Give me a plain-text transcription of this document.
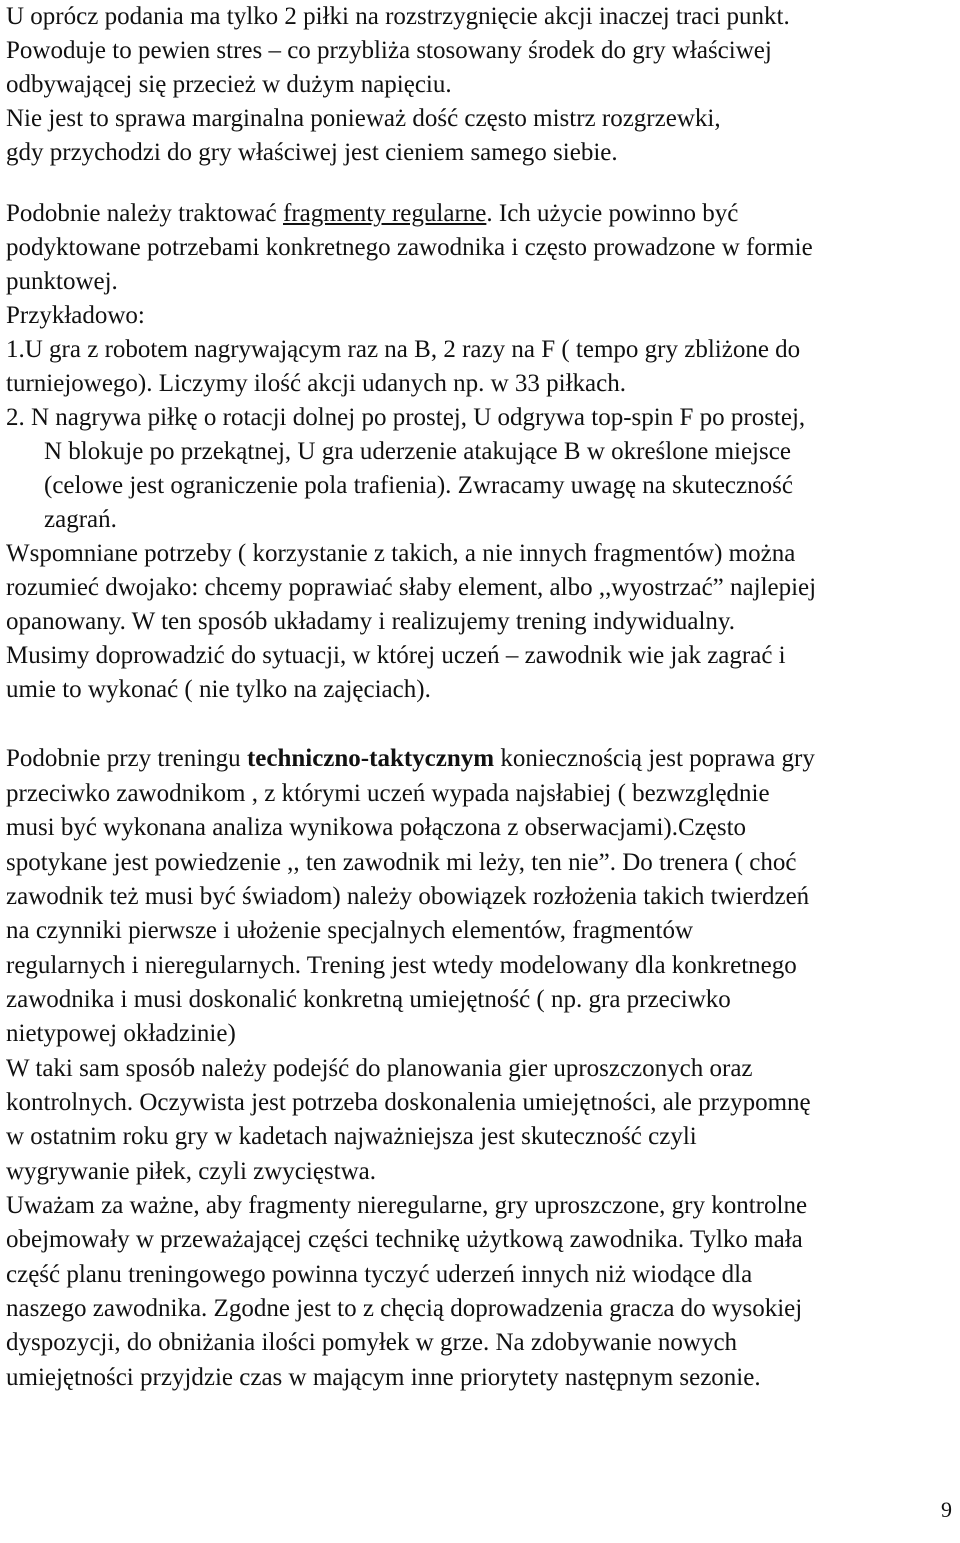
U oprócz podania ma tylko 2 piłki na rozstrzygnięcie akcji inaczej traci punkt.
Powoduje to pewien stres – co przybliża stosowany środek do gry właściwej
odbywającej się przecież w dużym napięciu.
Nie jest to sprawa marginalna ponieważ dość często mistrz rozgrzewki,
gdy przychodzi do gry właściwej jest cieniem samego siebie.
Podobnie należy traktować fragmenty regularne. Ich użycie powinno być
podyktowane potrzebami konkretnego zawodnika i często prowadzone w formie
punktowej.
Przykładowo:
1.U gra z robotem nagrywającym raz na B, 2 razy na F ( tempo gry zbliżone do
turniejowego). Liczymy ilość akcji udanych np. w 33 piłkach.
2. N nagrywa piłkę o rotacji dolnej po prostej, U odgrywa top-spin F po prostej,
N blokuje po przekątnej, U gra uderzenie atakujące B w określone miejsce
(celowe jest ograniczenie pola trafienia). Zwracamy uwagę na skuteczność
zagrań.
Wspomniane potrzeby ( korzystanie z takich, a nie innych fragmentów) można
rozumieć dwojako: chcemy poprawiać słaby element, albo ,,wyostrzać” najlepiej
opanowany. W ten sposób układamy i realizujemy trening indywidualny.
Musimy doprowadzić do sytuacji, w której uczeń – zawodnik wie jak zagrać i
umie to wykonać ( nie tylko na zajęciach).
Podobnie przy treningu techniczno-taktycznym koniecznością jest poprawa gry
przeciwko zawodnikom , z którymi uczeń wypada najsłabiej ( bezwzględnie
musi być wykonana analiza wynikowa połączona z obserwacjami).Często
spotykane jest powiedzenie ,, ten zawodnik mi leży, ten nie”. Do trenera ( choć
zawodnik też musi być świadom) należy obowiązek rozłożenia takich twierdzeń
na czynniki pierwsze i ułożenie specjalnych elementów, fragmentów
regularnych i nieregularnych. Trening jest wtedy modelowany dla konkretnego
zawodnika i musi doskonalić konkretną umiejętność ( np. gra przeciwko
nietypowej okładzinie)
W taki sam sposób należy podejść do planowania gier uproszczonych oraz
kontrolnych. Oczywista jest potrzeba doskonalenia umiejętności, ale przypomnę
w ostatnim roku gry w kadetach najważniejsza jest skuteczność czyli
wygrywanie piłek, czyli zwycięstwa.
Uważam za ważne, aby fragmenty nieregularne, gry uproszczone, gry kontrolne
obejmowały w przeważającej części technikę użytkową zawodnika. Tylko mała
część planu treningowego powinna tyczyć uderzeń innych niż wiodące dla
naszego zawodnika. Zgodne jest to z chęcią doprowadzenia gracza do wysokiej
dyspozycji, do obniżania ilości pomyłek w grze. Na zdobywanie nowych
umiejętności przyjdzie czas w mającym inne priorytety następnym sezonie.
9
